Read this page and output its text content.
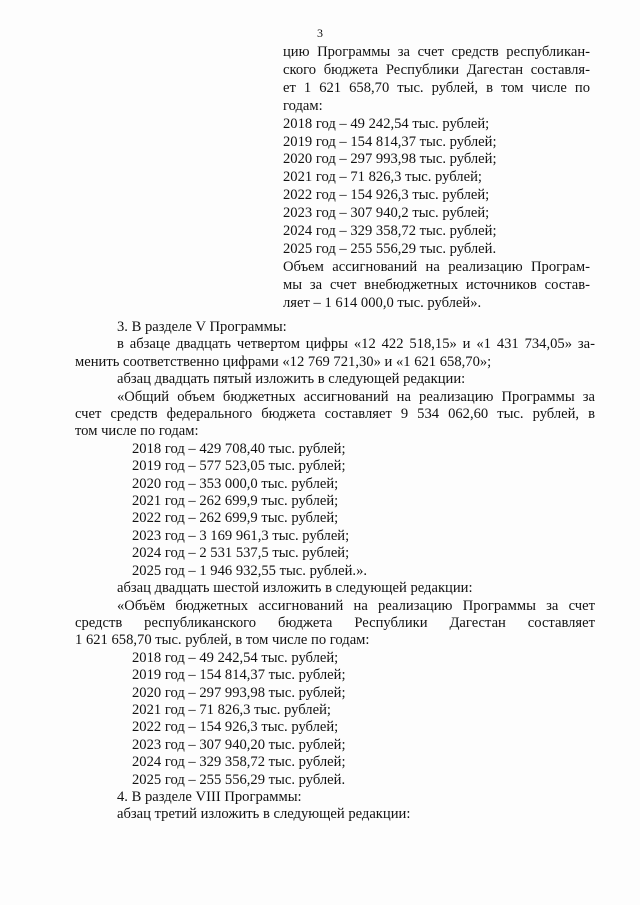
3
цию Программы за счет средств республикан-
ского бюджета Республики Дагестан составля-
ет 1 621 658,70 тыс. рублей, в том числе по
годам:
2018 год – 49 242,54 тыс. рублей;
2019 год – 154 814,37 тыс. рублей;
2020 год – 297 993,98 тыс. рублей;
2021 год – 71 826,3 тыс. рублей;
2022 год – 154 926,3 тыс. рублей;
2023 год – 307 940,2 тыс. рублей;
2024 год – 329 358,72 тыс. рублей;
2025 год – 255 556,29 тыс. рублей.
Объем ассигнований на реализацию Програм-
мы за счет внебюджетных источников состав-
ляет – 1 614 000,0 тыс. рублей».
3. В разделе V Программы:
в абзаце двадцать четвертом цифры «12 422 518,15» и «1 431 734,05» за-
менить соответственно цифрами «12 769 721,30» и «1 621 658,70»;
абзац двадцать пятый изложить в следующей редакции:
«Общий объем бюджетных ассигнований на реализацию Программы за
счет средств федерального бюджета составляет 9 534 062,60 тыс. рублей, в
том числе по годам:
2018 год – 429 708,40 тыс. рублей;
2019 год – 577 523,05 тыс. рублей;
2020 год – 353 000,0 тыс. рублей;
2021 год – 262 699,9 тыс. рублей;
2022 год – 262 699,9 тыс. рублей;
2023 год – 3 169 961,3 тыс. рублей;
2024 год – 2 531 537,5 тыс. рублей;
2025 год – 1 946 932,55 тыс. рублей.».
абзац двадцать шестой изложить в следующей редакции:
«Объём бюджетных ассигнований на реализацию Программы за счет
средств республиканского бюджета Республики Дагестан составляет
1 621 658,70 тыс. рублей, в том числе по годам:
2018 год – 49 242,54 тыс. рублей;
2019 год – 154 814,37 тыс. рублей;
2020 год – 297 993,98 тыс. рублей;
2021 год – 71 826,3 тыс. рублей;
2022 год – 154 926,3 тыс. рублей;
2023 год – 307 940,20 тыс. рублей;
2024 год – 329 358,72 тыс. рублей;
2025 год – 255 556,29 тыс. рублей.
4. В разделе VIII Программы:
абзац третий изложить в следующей редакции:
